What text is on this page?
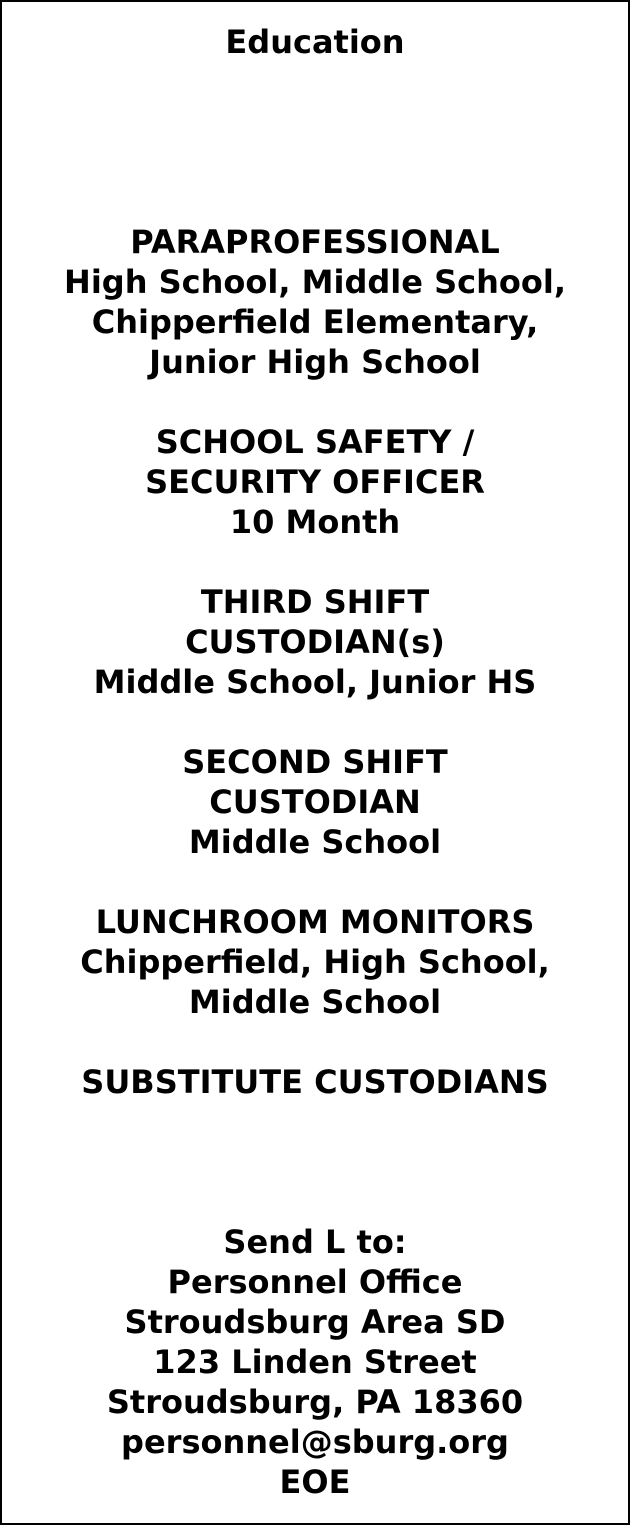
Education
PARAPROFESSIONAL
High School, Middle School,
Chipperfield Elementary,
Junior High School
SCHOOL SAFETY /
SECURITY OFFICER
10 Month
THIRD SHIFT
CUSTODIAN(s)
Middle School, Junior HS
SECOND SHIFT
CUSTODIAN
Middle School
LUNCHROOM MONITORS
Chipperfield, High School,
Middle School
SUBSTITUTE CUSTODIANS
Send L to:
Personnel Office
Stroudsburg Area SD
123 Linden Street
Stroudsburg, PA 18360
personnel@sburg.org
EOE
